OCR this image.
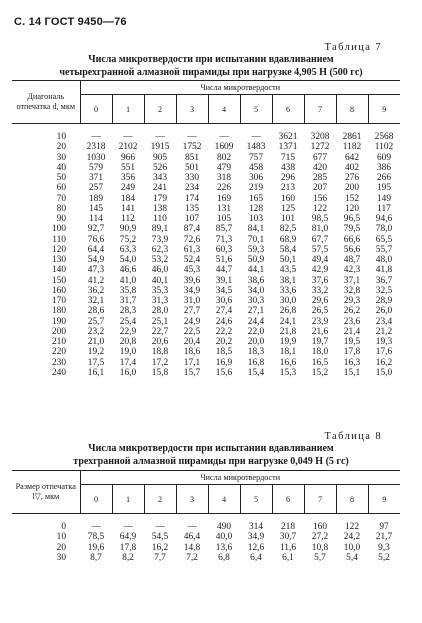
С. 14 ГОСТ 9450—76
Таблица 7
Числа микротвердости при испытании вдавливанием
четырехгранной алмазной пирамиды при нагрузке 4,905 Н (500 гс)
Диагональ отпечатка d, мкм	Числа микротвердости									
	0	1	2	3	4	5	6	7	8	9

10	—	—	—	—	—	—	3621	3208	2861	2568
20	2318	2102	1915	1752	1609	1483	1371	1272	1182	1102
30	1030	966	905	851	802	757	715	677	642	609
40	579	551	526	501	479	458	438	420	402	386
50	371	356	343	330	318	306	296	285	276	266
60	257	249	241	234	226	219	213	207	200	195
70	189	184	179	174	169	165	160	156	152	149
80	145	141	138	135	131	128	125	122	120	117
90	114	112	110	107	105	103	101	98,5	96,5	94,6
100	92,7	90,9	89,1	87,4	85,7	84,1	82,5	81,0	79,5	78,0
110	76,6	75,2	73,9	72,6	71,3	70,1	68,9	67,7	66,6	65,5
120	64,4	63,3	62,3	61,3	60,3	59,3	58,4	57,5	56,6	55,7
130	54,9	54,0	53,2	52,4	51,6	50,9	50,1	49,4	48,7	48,0
140	47,3	46,6	46,0	45,3	44,7	44,1	43,5	42,9	42,3	41,8
150	41,2	41,0	40,1	39,6	39,1	38,6	38,1	37,6	37,1	36,7
160	36,2	35,8	35,3	34,9	34,5	34,0	33,6	33,2	32,8	32,5
170	32,1	31,7	31,3	31,0	30,6	30,3	30,0	29,6	29,3	28,9
180	28,6	28,3	28,0	27,7	27,4	27,1	26,8	26,5	26,2	26,0
190	25,7	25,4	25,1	24,9	24,6	24,4	24,1	23,9	23,6	23,4
200	23,2	22,9	22,7	22,5	22,2	22,0	21,8	21,6	21,4	21,2
210	21,0	20,8	20,6	20,4	20,2	20,0	19,9	19,7	19,5	19,3
220	19,2	19,0	18,8	18,6	18,5	18,3	18,1	18,0	17,8	17,6
230	17,5	17,4	17,2	17,1	16,9	16,8	16,6	16,5	16,3	16,2
240	16,1	16,0	15,8	15,7	15,6	15,4	15,3	15,2	15,1	15,0
Таблица 8
Числа микротвердости при испытании вдавливанием
трехгранной алмазной пирамиды при нагрузке 0,049 Н (5 гс)
Размер отпечатка l▽, мкм	Числа микротвердости									
	0	1	2	3	4	5	6	7	8	9

0	—	—	—	—	490	314	218	160	122	97
10	78,5	64,9	54,5	46,4	40,0	34,9	30,7	27,2	24,2	21,7
20	19,6	17,8	16,2	14,8	13,6	12,6	11,6	10,8	10,0	9,3
30	8,7	8,2	7,7	7,2	6,8	6,4	6,1	5,7	5,4	5,2
